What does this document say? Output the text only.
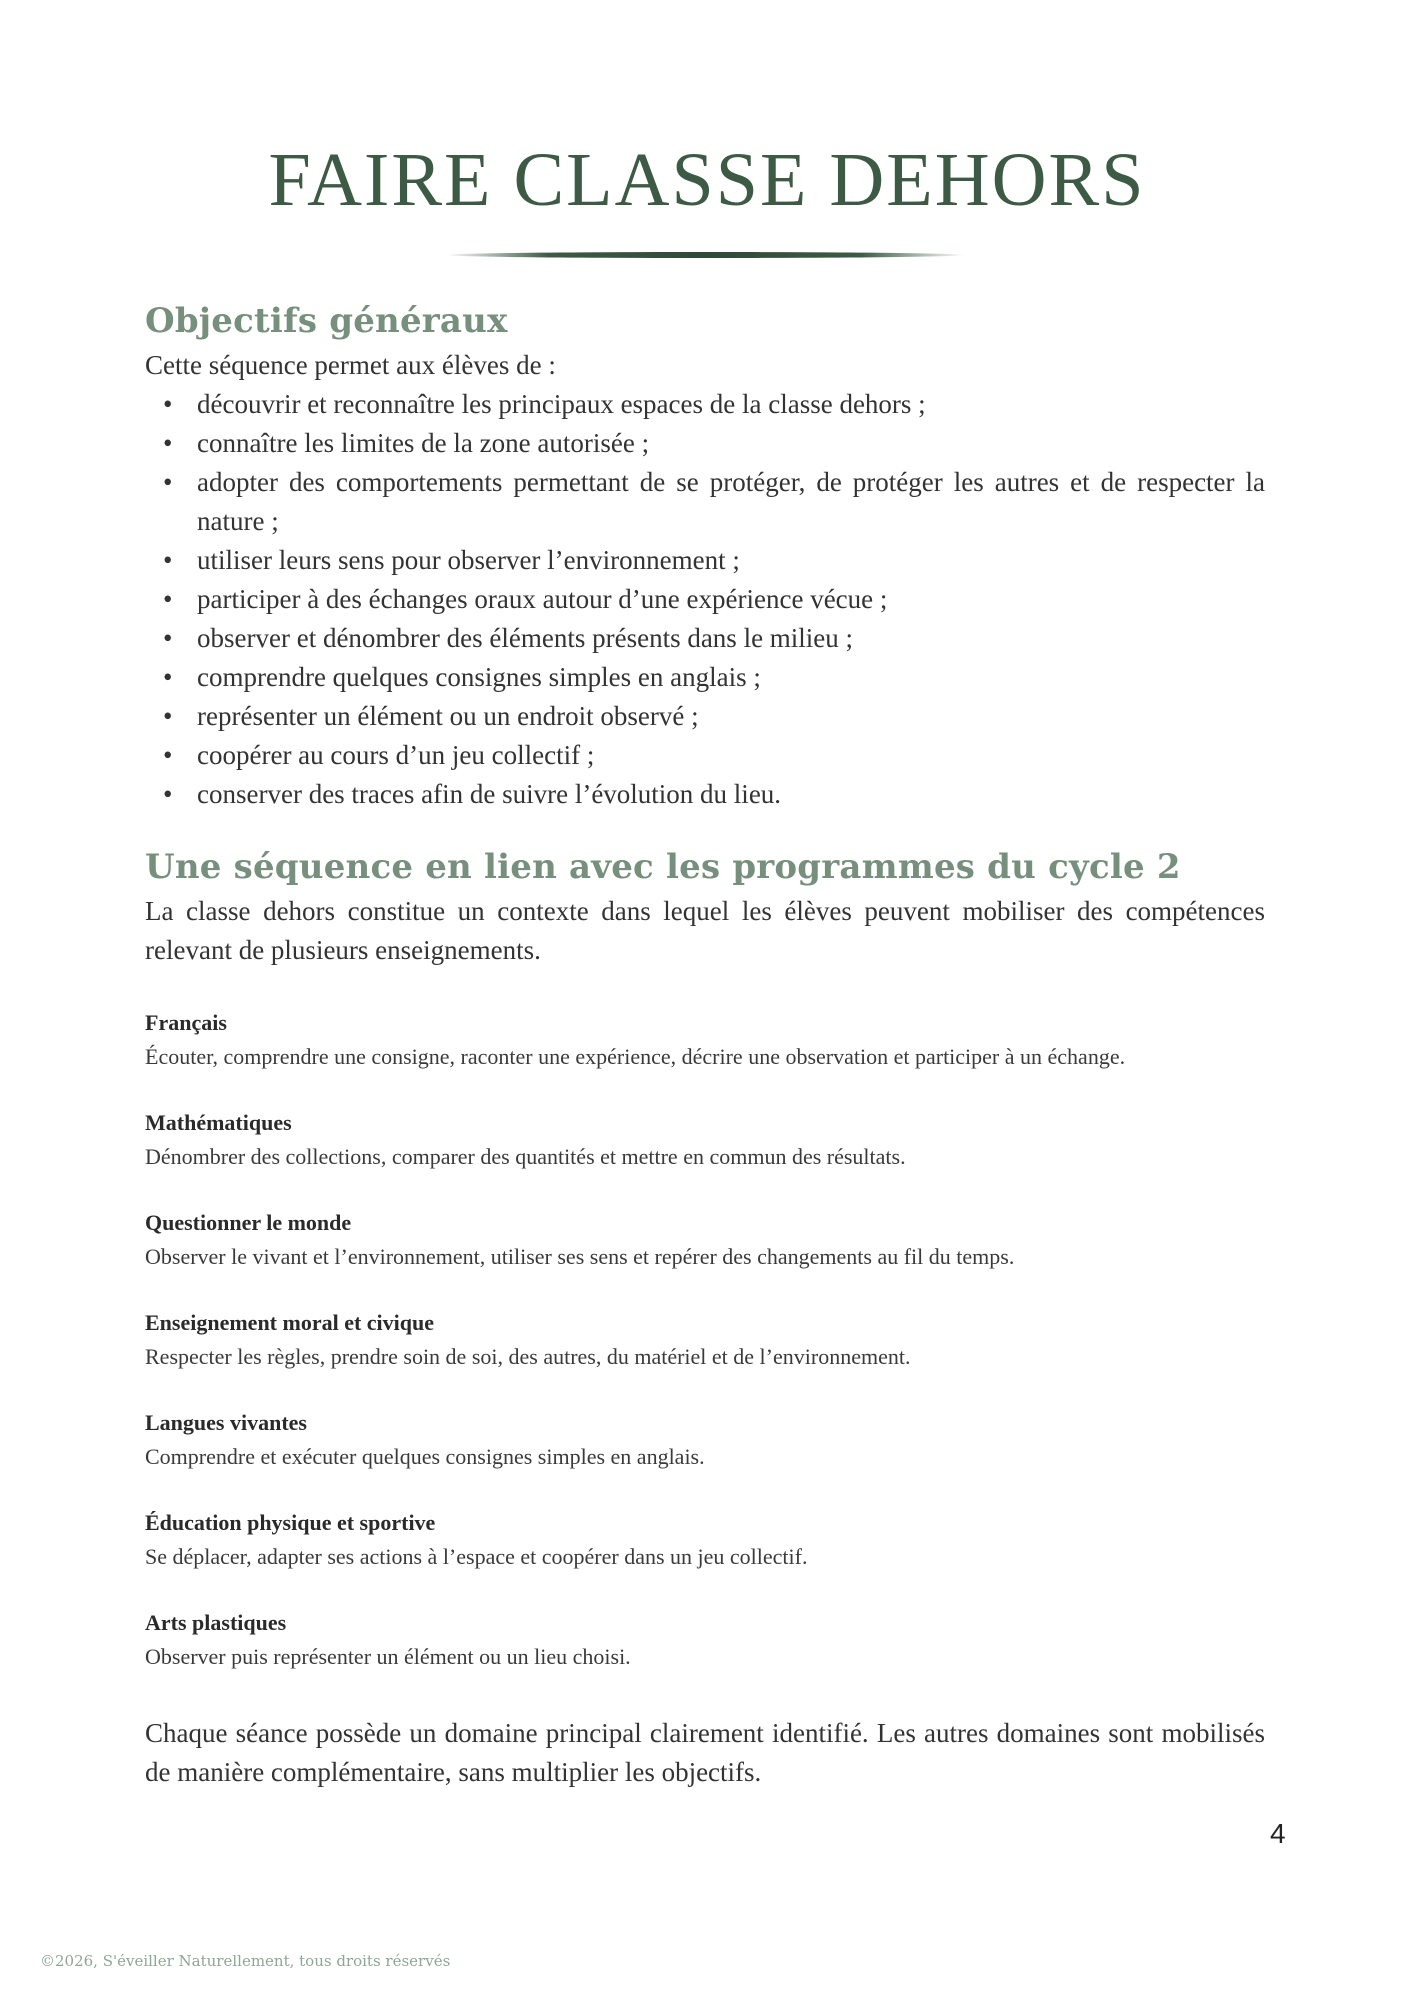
FAIRE CLASSE DEHORS
Objectifs généraux

Cette séquence permet aux élèves de :

• découvrir et reconnaître les principaux espaces de la classe dehors ;
• connaître les limites de la zone autorisée ;
• adopter des comportements permettant de se protéger, de protéger les autres et de respecter la nature ;
• utiliser leurs sens pour observer l’environnement ;
• participer à des échanges oraux autour d’une expérience vécue ;
• observer et dénombrer des éléments présents dans le milieu ;
• comprendre quelques consignes simples en anglais ;
• représenter un élément ou un endroit observé ;
• coopérer au cours d’un jeu collectif ;
• conserver des traces afin de suivre l’évolution du lieu.
Une séquence en lien avec les programmes du cycle 2

La classe dehors constitue un contexte dans lequel les élèves peuvent mobiliser des compétences relevant de plusieurs enseignements.

Français

Écouter, comprendre une consigne, raconter une expérience, décrire une observation et participer à un échange.

Mathématiques

Dénombrer des collections, comparer des quantités et mettre en commun des résultats.

Questionner le monde

Observer le vivant et l’environnement, utiliser ses sens et repérer des changements au fil du temps.

Enseignement moral et civique

Respecter les règles, prendre soin de soi, des autres, du matériel et de l’environnement.

Langues vivantes

Comprendre et exécuter quelques consignes simples en anglais.

Éducation physique et sportive

Se déplacer, adapter ses actions à l’espace et coopérer dans un jeu collectif.

Arts plastiques

Observer puis représenter un élément ou un lieu choisi.

Chaque séance possède un domaine principal clairement identifié. Les autres domaines sont mobilisés de manière complémentaire, sans multiplier les objectifs.

4
©2026, S'éveiller Naturellement, tous droits réservés
